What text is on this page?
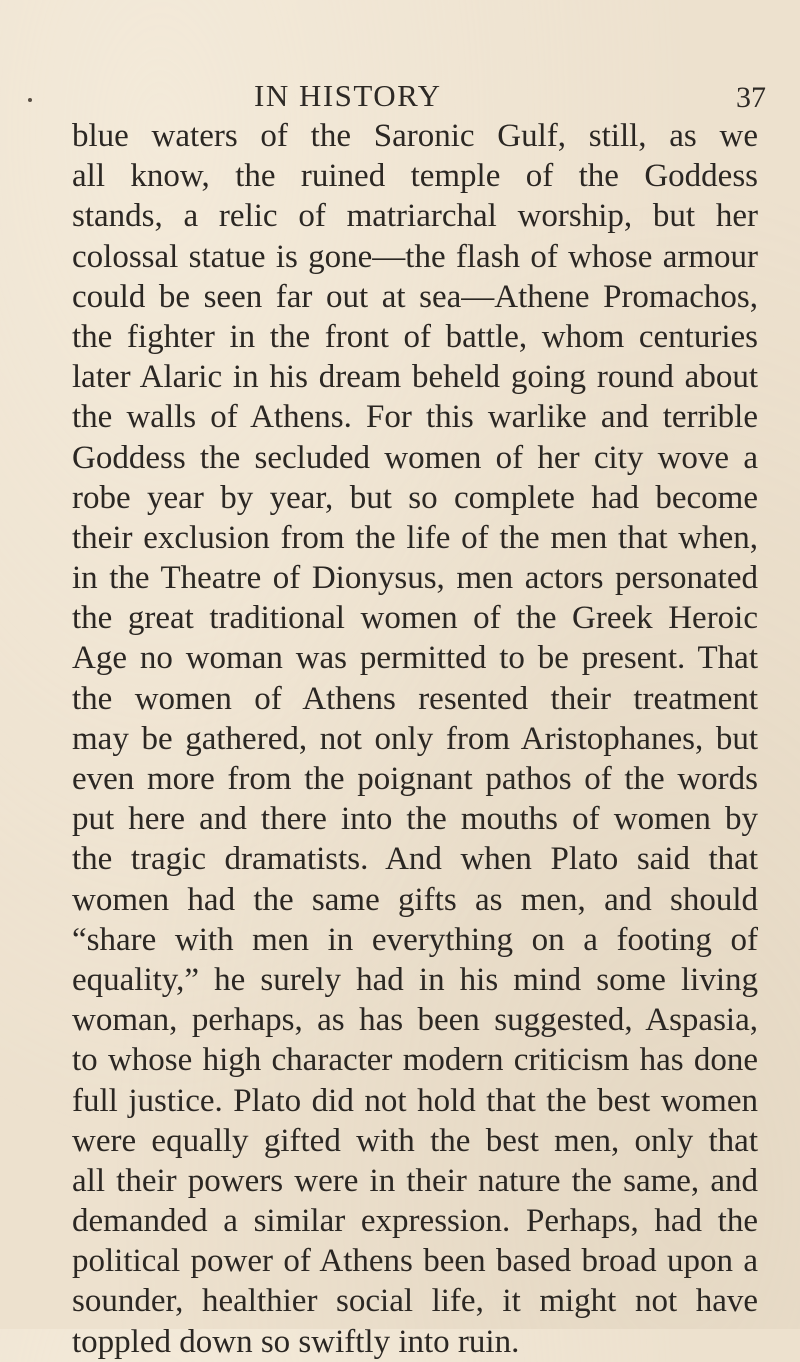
IN HISTORY	37
blue waters of the Saronic Gulf, still, as we
all know, the ruined temple of the Goddess
stands, a relic of matriarchal worship, but her
colossal statue is gone—the flash of whose armour
could be seen far out at sea—Athene Promachos,
the fighter in the front of battle, whom centuries
later Alaric in his dream beheld going round about
the walls of Athens. For this warlike and terrible
Goddess the secluded women of her city wove a
robe year by year, but so complete had become
their exclusion from the life of the men that when,
in the Theatre of Dionysus, men actors personated
the great traditional women of the Greek Heroic
Age no woman was permitted to be present. That
the women of Athens resented their treatment
may be gathered, not only from Aristophanes, but
even more from the poignant pathos of the words
put here and there into the mouths of women by
the tragic dramatists. And when Plato said that
women had the same gifts as men, and should
“share with men in everything on a footing of
equality,” he surely had in his mind some living
woman, perhaps, as has been suggested, Aspasia,
to whose high character modern criticism has done
full justice. Plato did not hold that the best women
were equally gifted with the best men, only that
all their powers were in their nature the same, and
demanded a similar expression. Perhaps, had the
political power of Athens been based broad upon a
sounder, healthier social life, it might not have
toppled down so swiftly into ruin.
